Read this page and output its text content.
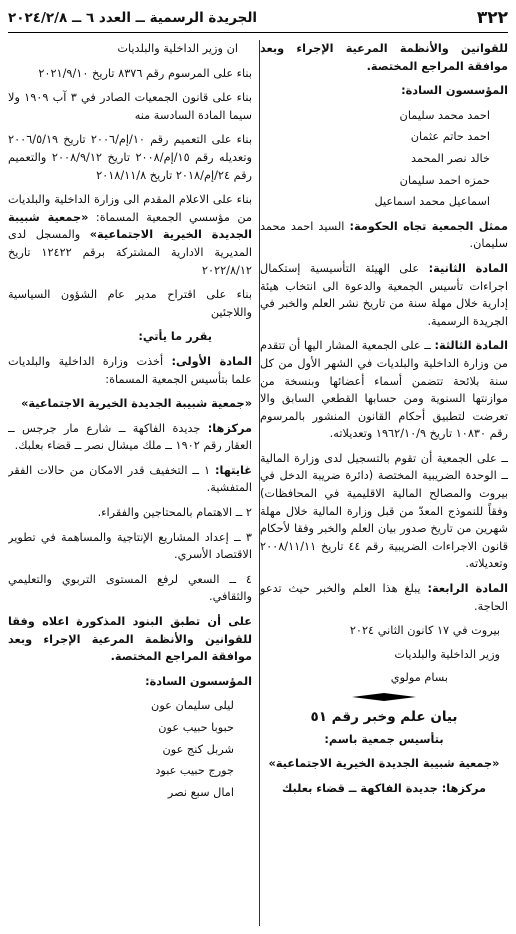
٣٢٢
الجريدة الرسمية ــ العدد ٦ ــ ٢٠٢٤/٢/٨

للقوانين والأنظمة المرعية الإجراء وبعد موافقة المراجع المختصة.

المؤسسون السادة:

احمد محمد سليمان
احمد حاتم عثمان
خالد نصر المحمد
حمزه احمد سليمان
اسماعيل محمد اسماعيل

ممثل الجمعية تجاه الحكومة: السيد احمد محمد سليمان.

المادة الثانية: على الهيئة التأسيسية إستكمال اجراءات تأسيس الجمعية والدعوة الى انتخاب هيئة إدارية خلال مهلة سنة من تاريخ نشر العلم والخبر في الجريدة الرسمية.

المادة الثالثة: ــ على الجمعية المشار اليها أن تتقدم من وزارة الداخلية والبلديات في الشهر الأول من كل سنة بلائحة تتضمن أسماء أعضائها وبنسخة من موازنتها السنوية ومن حسابها القطعي السابق والا تعرضت لتطبيق أحكام القانون المنشور بالمرسوم رقم ١٠٨٣٠ تاريخ ١٩٦٢/١٠/٩ وتعديلاته.

ــ على الجمعية أن تقوم بالتسجيل لدى وزارة المالية ــ الوحدة الضريبية المختصة (دائرة ضريبة الدخل في بيروت والمصالح المالية الاقليمية في المحافظات) وفقاً للنموذج المعدّ من قبل وزارة المالية خلال مهلة شهرين من تاريخ صدور بيان العلم والخبر وفقا لأحكام قانون الاجراءات الضريبية رقم ٤٤ تاريخ ٢٠٠٨/١١/١١ وتعديلاته.

المادة الرابعة: يبلغ هذا العلم والخبر حيث تدعو الحاجة.

بيروت في ١٧ كانون الثاني ٢٠٢٤

وزير الداخلية والبلديات

بسام مولوي

بيان علم وخبر رقم ٥١

بتأسيس جمعية باسم:

«جمعية شبيبة الجديدة الخيرية الاجتماعية»

مركزها: جديدة الفاكهة ــ قضاء بعلبك

ان وزير الداخلية والبلديات

بناء على المرسوم رقم ٨٣٧٦ تاريخ ٢٠٢١/٩/١٠

بناء على قانون الجمعيات الصادر في ٣ آب ١٩٠٩ ولا سيما المادة السادسة منه

بناء على التعميم رقم ١٠/إم/٢٠٠٦ تاريخ ٢٠٠٦/٥/١٩ وتعديله رقم ١٥/إم/٢٠٠٨ تاريخ ٢٠٠٨/٩/١٢ والتعميم رقم ٢٤/إم/٢٠١٨ تاريخ ٢٠١٨/١١/٨

بناء على الاعلام المقدم الى وزارة الداخلية والبلديات من مؤسسي الجمعية المسماة: «جمعية شبيبة الجديدة الخيرية الاجتماعية» والمسجل لدى المديرية الادارية المشتركة برقم ١٢٤٢٢ تاريخ ٢٠٢٢/٨/١٢

بناء على اقتراح مدير عام الشؤون السياسية واللاجئين

يقرر ما يأتي:

المادة الأولى: أخذت وزارة الداخلية والبلديات علما بتأسيس الجمعية المسماة:

«جمعية شبيبة الجديدة الخيرية الاجتماعية»

مركزها: جديدة الفاكهة ــ شارع مار جرجس ــ العقار رقم ١٩٠٢ ــ ملك ميشال نصر ــ قضاء بعلبك.

غايتها: ١ ــ التخفيف قدر الامكان من حالات الفقر المتفشية.

٢ ــ الاهتمام بالمحتاجين والفقراء.

٣ ــ إعداد المشاريع الإنتاجية والمساهمة في تطوير الاقتصاد الأسري.

٤ ــ السعي لرفع المستوى التربوي والتعليمي والثقافي.

على أن تطبق البنود المذكورة اعلاه وفقا للقوانين والأنظمة المرعية الإجراء وبعد موافقة المراجع المختصة.

المؤسسون السادة:

ليلى سليمان عون
حبوبا حبيب عون
شربل كنج عون
جورج حبيب عبود
امال سبع نصر
